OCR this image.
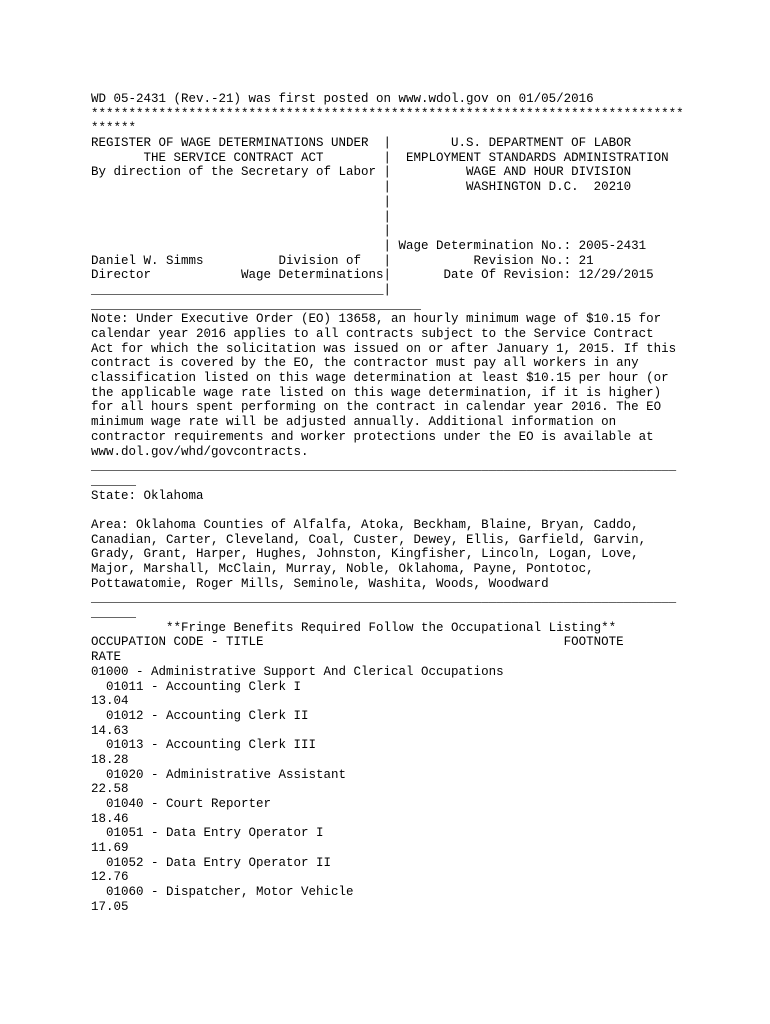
WD 05-2431 (Rev.-21) was first posted on www.wdol.gov on 01/05/2016
*******************************************************************************
******
REGISTER OF WAGE DETERMINATIONS UNDER  |        U.S. DEPARTMENT OF LABOR
THE SERVICE CONTRACT ACT        |  EMPLOYMENT STANDARDS ADMINISTRATION
By direction of the Secretary of Labor |          WAGE AND HOUR DIVISION
|          WASHINGTON D.C.  20210
|
|
|
| Wage Determination No.: 2005-2431
Daniel W. Simms          Division of   |           Revision No.: 21
Director            Wage Determinations|       Date Of Revision: 12/29/2015
_______________________________________|
____________________________________________
Note: Under Executive Order (EO) 13658, an hourly minimum wage of $10.15 for
calendar year 2016 applies to all contracts subject to the Service Contract
Act for which the solicitation was issued on or after January 1, 2015. If this
contract is covered by the EO, the contractor must pay all workers in any
classification listed on this wage determination at least $10.15 per hour (or
the applicable wage rate listed on this wage determination, if it is higher)
for all hours spent performing on the contract in calendar year 2016. The EO
minimum wage rate will be adjusted annually. Additional information on
contractor requirements and worker protections under the EO is available at
www.dol.gov/whd/govcontracts.
______________________________________________________________________________
______
State: Oklahoma
Area: Oklahoma Counties of Alfalfa, Atoka, Beckham, Blaine, Bryan, Caddo,
Canadian, Carter, Cleveland, Coal, Custer, Dewey, Ellis, Garfield, Garvin,
Grady, Grant, Harper, Hughes, Johnston, Kingfisher, Lincoln, Logan, Love,
Major, Marshall, McClain, Murray, Noble, Oklahoma, Payne, Pontotoc,
Pottawatomie, Roger Mills, Seminole, Washita, Woods, Woodward
______________________________________________________________________________
______
**Fringe Benefits Required Follow the Occupational Listing**
OCCUPATION CODE - TITLE                                        FOOTNOTE
RATE
01000 - Administrative Support And Clerical Occupations
01011 - Accounting Clerk I
13.04
01012 - Accounting Clerk II
14.63
01013 - Accounting Clerk III
18.28
01020 - Administrative Assistant
22.58
01040 - Court Reporter
18.46
01051 - Data Entry Operator I
11.69
01052 - Data Entry Operator II
12.76
01060 - Dispatcher, Motor Vehicle
17.05
